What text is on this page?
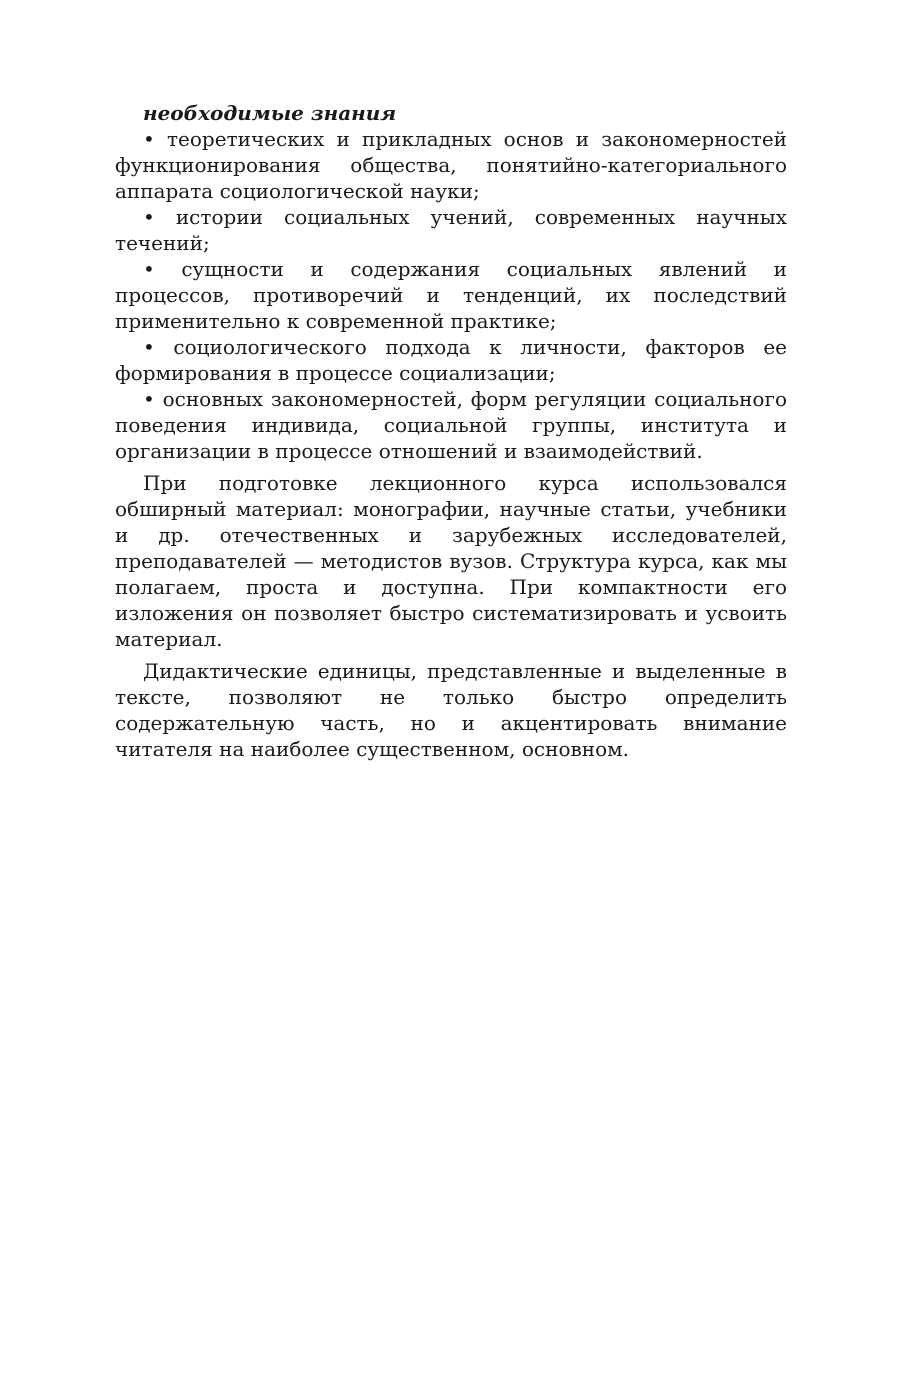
необходимые знания

• теоретических и прикладных основ и закономерностей функционирования общества, понятийно-категориального аппарата социологической науки;

• истории социальных учений, современных научных течений;

• сущности и содержания социальных явлений и процессов, противоречий и тенденций, их последствий применительно к современной практике;

• социологического подхода к личности, факторов ее формирования в процессе социализации;

• основных закономерностей, форм регуляции социального поведения индивида, социальной группы, института и организации в процессе отношений и взаимодействий.

При подготовке лекционного курса использовался обширный материал: монографии, научные статьи, учебники и др. отечественных и зарубежных исследователей, преподавателей — методистов вузов. Структура курса, как мы полагаем, проста и доступна. При компактности его изложения он позволяет быстро систематизировать и усвоить материал.

Дидактические единицы, представленные и выделенные в тексте, позволяют не только быстро определить содержательную часть, но и акцентировать внимание читателя на наиболее существенном, основном.
